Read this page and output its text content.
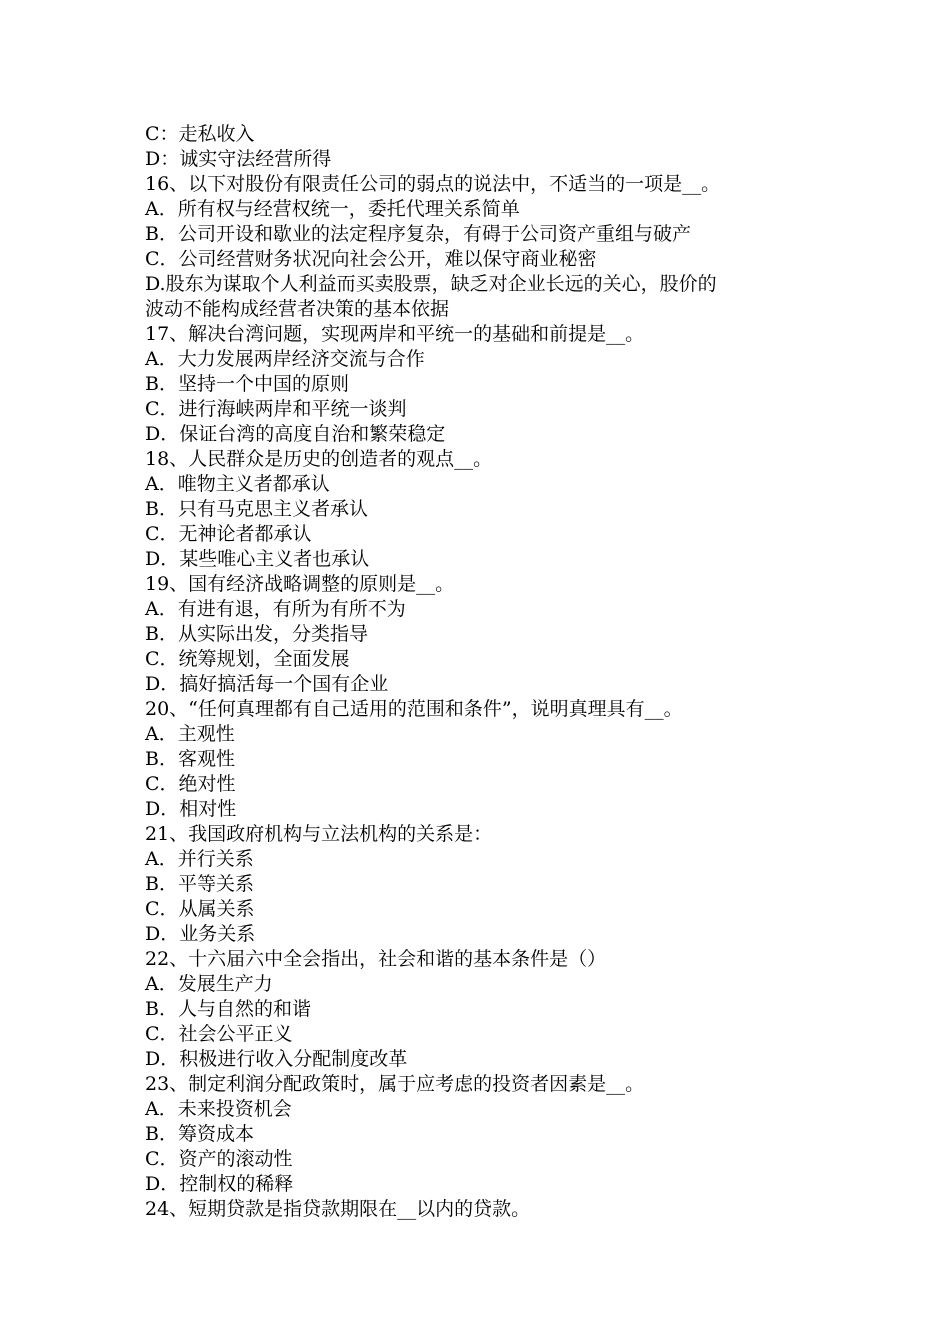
C：走私收入
D：诚实守法经营所得
16、以下对股份有限责任公司的弱点的说法中，不适当的一项是__。
A．所有权与经营权统一，委托代理关系简单
B．公司开设和歇业的法定程序复杂，有碍于公司资产重组与破产
C．公司经营财务状况向社会公开，难以保守商业秘密
D.股东为谋取个人利益而买卖股票，缺乏对企业长远的关心，股价的
波动不能构成经营者决策的基本依据
17、解决台湾问题，实现两岸和平统一的基础和前提是__。
A．大力发展两岸经济交流与合作
B．坚持一个中国的原则
C．进行海峡两岸和平统一谈判
D．保证台湾的高度自治和繁荣稳定
18、人民群众是历史的创造者的观点__。
A．唯物主义者都承认
B．只有马克思主义者承认
C．无神论者都承认
D．某些唯心主义者也承认
19、国有经济战略调整的原则是__。
A．有进有退，有所为有所不为
B．从实际出发，分类指导
C．统筹规划，全面发展
D．搞好搞活每一个国有企业
20、“任何真理都有自己适用的范围和条件”，说明真理具有__。
A．主观性
B．客观性
C．绝对性
D．相对性
21、我国政府机构与立法机构的关系是：
A．并行关系
B．平等关系
C．从属关系
D．业务关系
22、十六届六中全会指出，社会和谐的基本条件是（）
A．发展生产力
B．人与自然的和谐
C．社会公平正义
D．积极进行收入分配制度改革
23、制定利润分配政策时，属于应考虑的投资者因素是__。
A．未来投资机会
B．筹资成本
C．资产的滚动性
D．控制权的稀释
24、短期贷款是指贷款期限在__以内的贷款。
